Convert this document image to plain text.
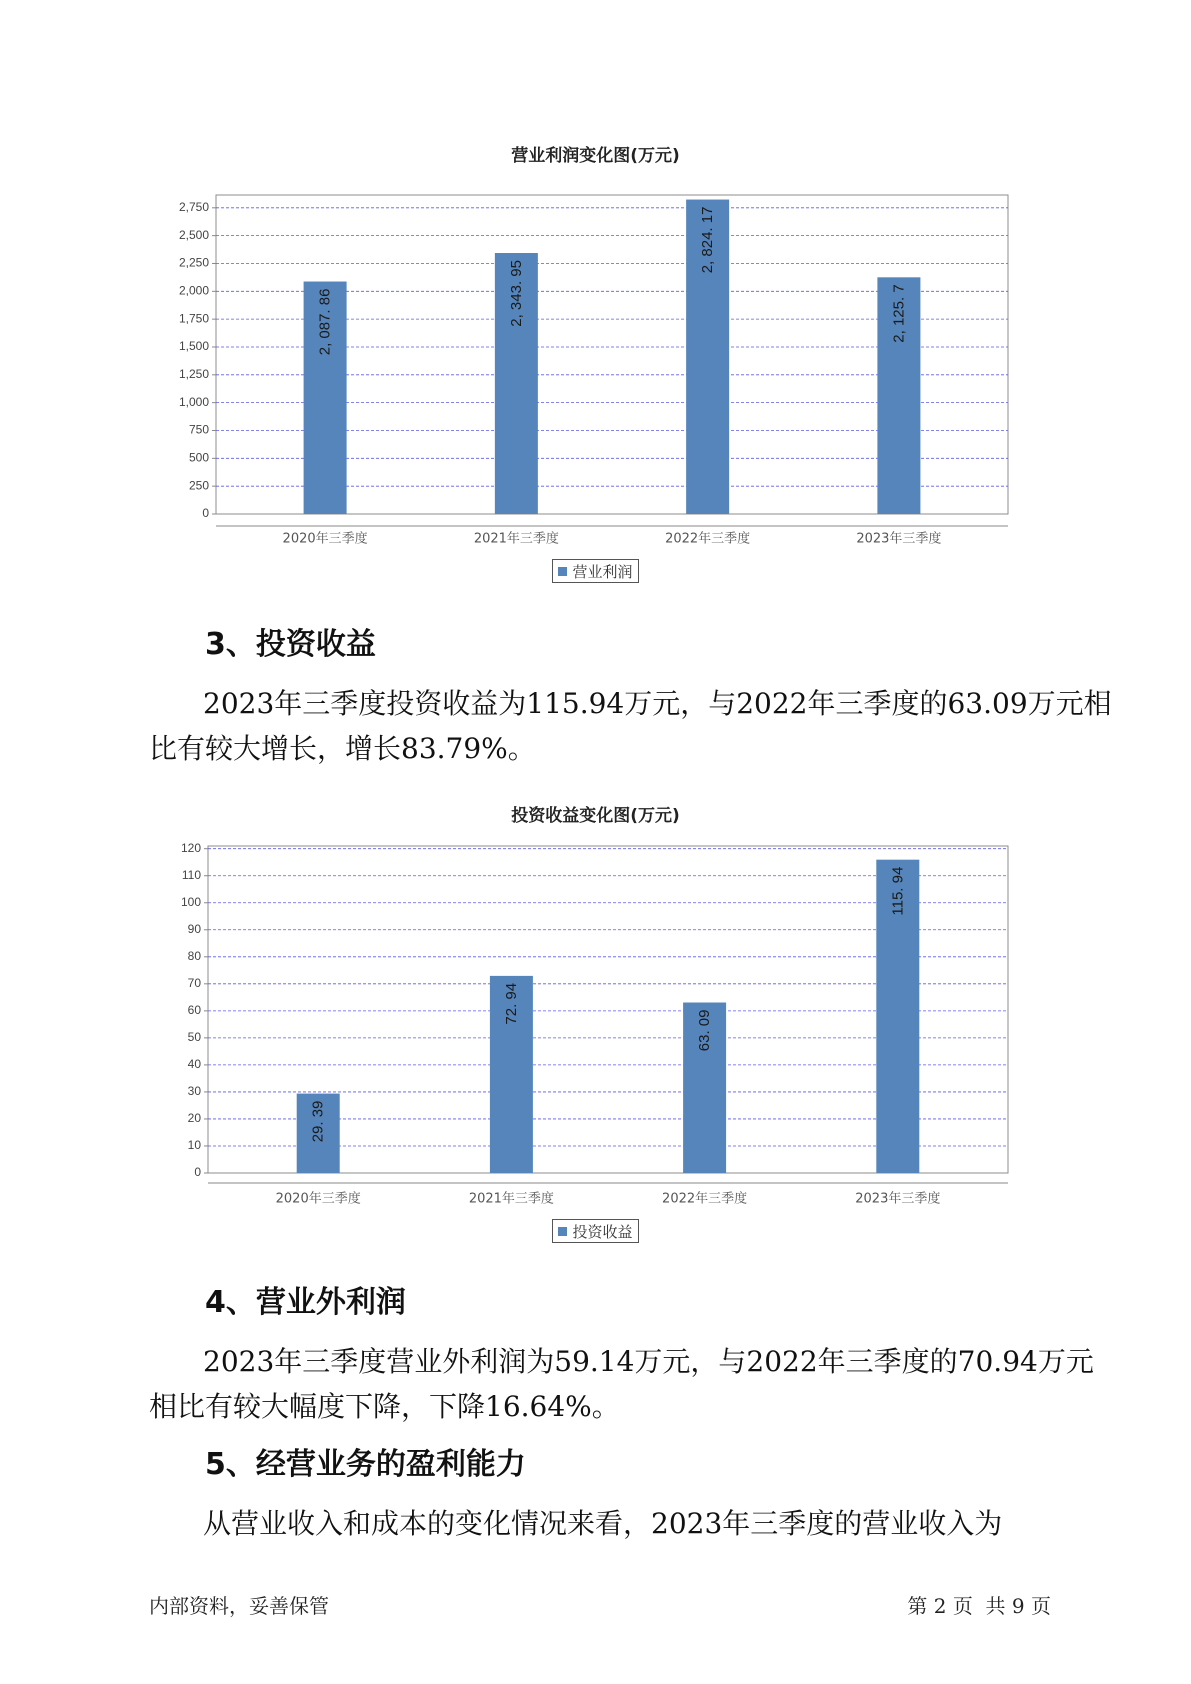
营业利润变化图(万元)
0
250
500
750
1,000
1,250
1,500
1,750
2,000
2,250
2,500
2,750
2, 087. 86
2020年三季度
2, 343. 95
2021年三季度
2, 824. 17
2022年三季度
2, 125. 7
2023年三季度
营业利润
3、投资收益
2023年三季度投资收益为115.94万元，与2022年三季度的63.09万元相
比有较大增长，增长83.79%。
投资收益变化图(万元)
0
10
20
30
40
50
60
70
80
90
100
110
120
29. 39
2020年三季度
72. 94
2021年三季度
63. 09
2022年三季度
115. 94
2023年三季度
投资收益
4、营业外利润
2023年三季度营业外利润为59.14万元，与2022年三季度的70.94万元
相比有较大幅度下降，下降16.64%。
5、经营业务的盈利能力
从营业收入和成本的变化情况来看，2023年三季度的营业收入为
内部资料，妥善保管	第 2 页  共 9 页
